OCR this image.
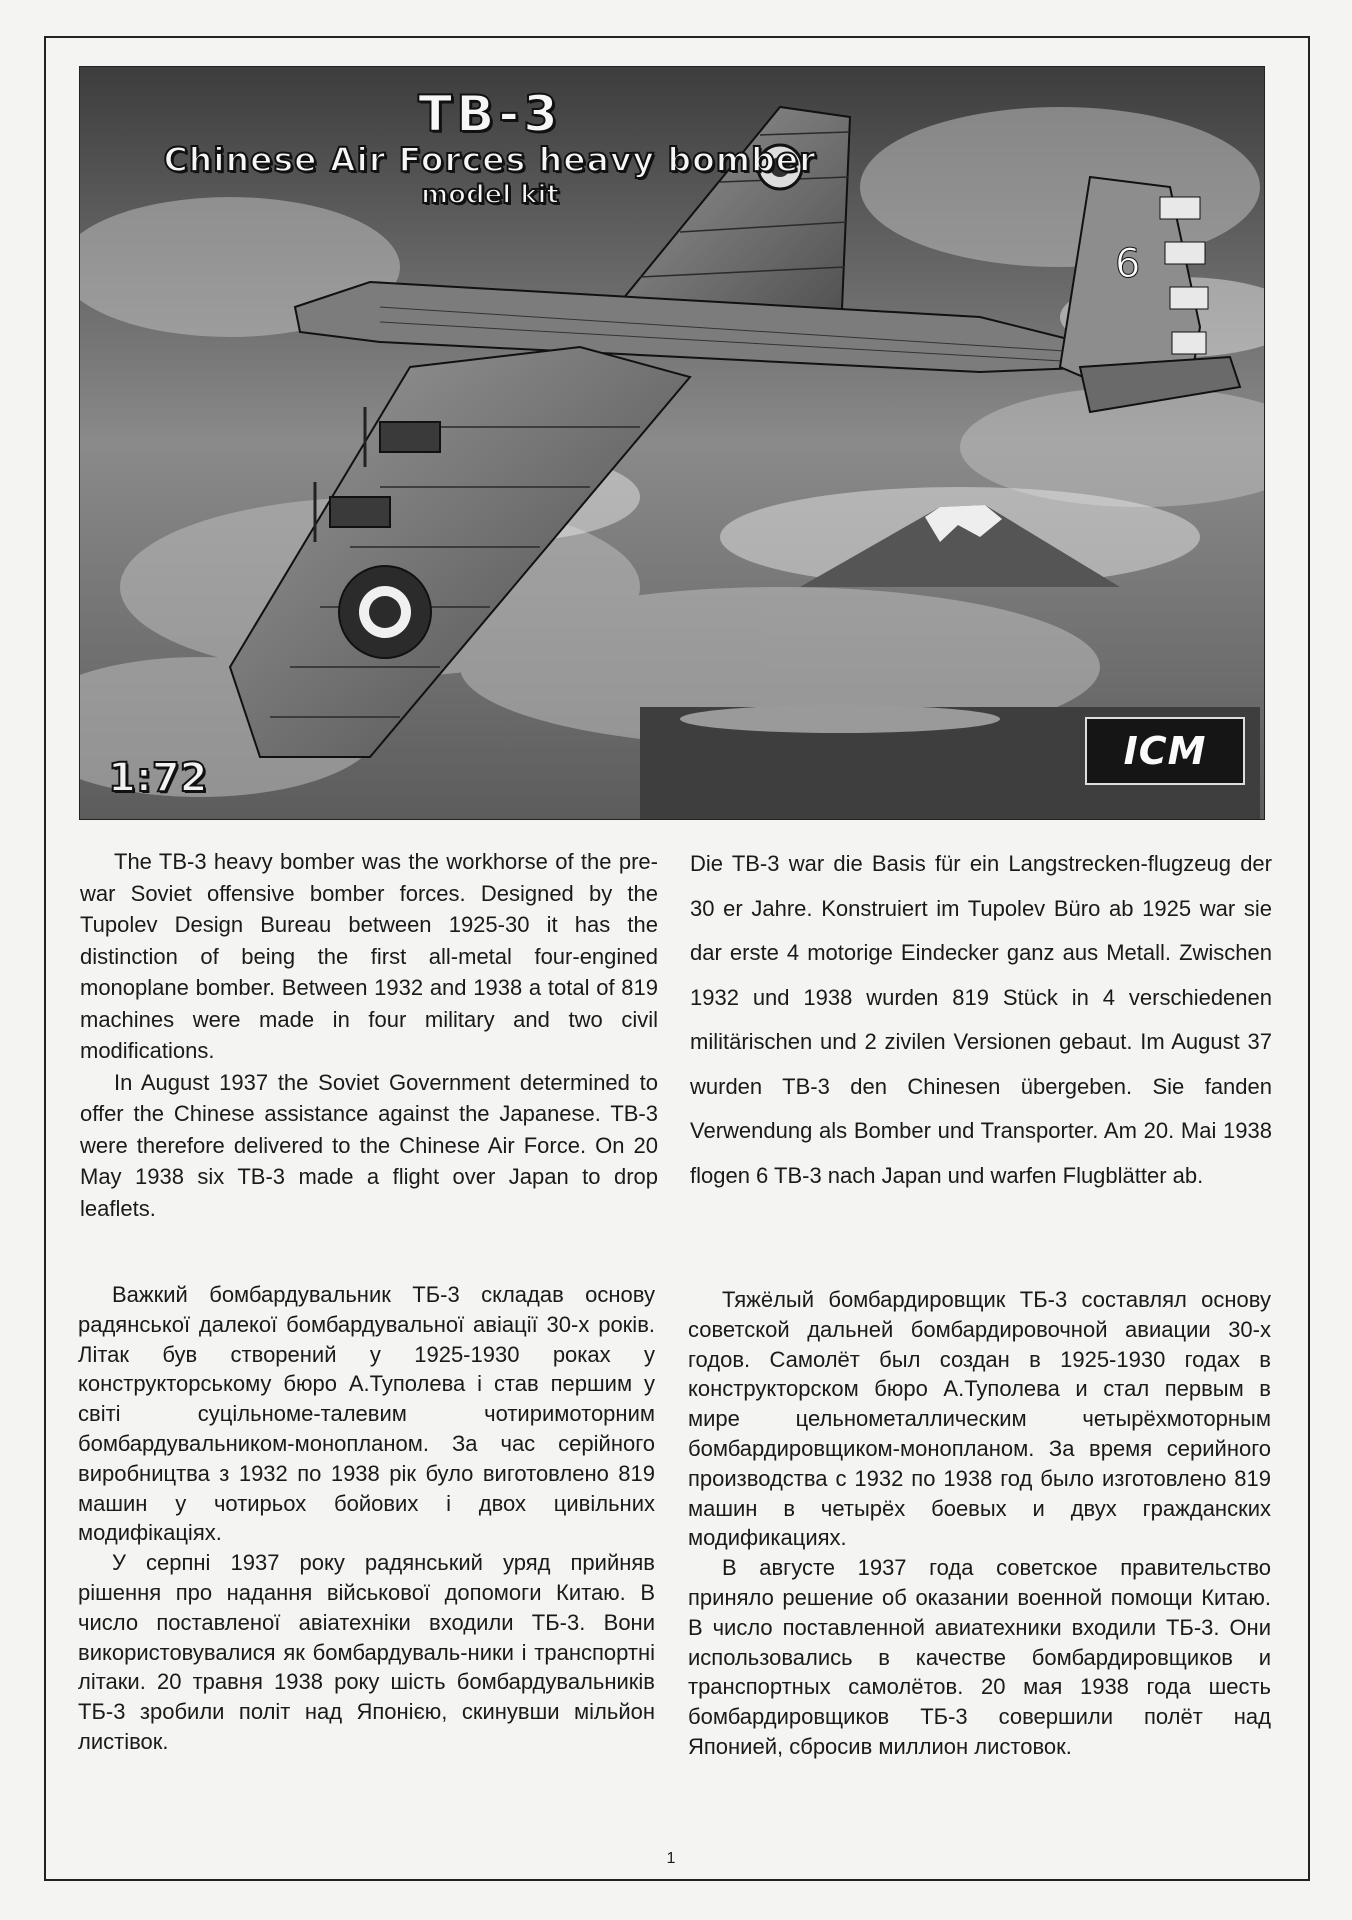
6
TB-3
Chinese Air Forces heavy bomber
model kit
1:72
ICM

The TB-3 heavy bomber was the workhorse of the pre-war Soviet offensive bomber forces. Designed by the Tupolev Design Bureau between 1925-30 it has the distinction of being the first all-metal four-engined monoplane bomber. Between 1932 and 1938 a total of 819 machines were made in four military and two civil modifications.

In August 1937 the Soviet Government determined to offer the Chinese assistance against the Japanese. TB-3 were therefore delivered to the Chinese Air Force. On 20 May 1938 six TB-3 made a flight over Japan to drop leaflets.

Die TB-3 war die Basis für ein Langstrecken-flugzeug der 30 er Jahre. Konstruiert im Tupolev Büro ab 1925 war sie dar erste 4 motorige Eindecker ganz aus Metall. Zwischen 1932 und 1938 wurden 819 Stück in 4 verschiedenen militärischen und 2 zivilen Versionen gebaut. Im August 37 wurden TB-3 den Chinesen übergeben. Sie fanden Verwendung als Bomber und Transporter. Am 20. Mai 1938 flogen 6 TB-3 nach Japan und warfen Flugblätter ab.

Важкий бомбардувальник ТБ-3 складав основу радянської далекої бомбардувальної авіації 30-х років. Літак був створений у 1925-1930 роках у конструкторському бюро А.Туполева і став першим у світі суцільноме-талевим чотиримоторним бомбардувальником-монопланом. За час серійного виробництва з 1932 по 1938 рік було виготовлено 819 машин у чотирьох бойових і двох цивільних модифікаціях.

У серпні 1937 року радянський уряд прийняв рішення про надання військової допомоги Китаю. В число поставленої авіатехніки входили ТБ-3. Вони використовувалися як бомбардуваль-ники і транспортні літаки. 20 травня 1938 року шість бомбардувальників ТБ-3 зробили політ над Японією, скинувши мільйон листівок.

Тяжёлый бомбардировщик ТБ-3 составлял основу советской дальней бомбардировочной авиации 30-х годов. Самолёт был создан в 1925-1930 годах в конструкторском бюро А.Туполева и стал первым в мире цельнометаллическим четырёхмоторным бомбардировщиком-монопланом. За время серийного производства с 1932 по 1938 год было изготовлено 819 машин в четырёх боевых и двух гражданских модификациях.

В августе 1937 года советское правительство приняло решение об оказании военной помощи Китаю. В число поставленной авиатехники входили ТБ-3. Они использовались в качестве бомбардировщиков и транспортных самолётов. 20 мая 1938 года шесть бомбардировщиков ТБ-3 совершили полёт над Японией, сбросив миллион листовок.

1
